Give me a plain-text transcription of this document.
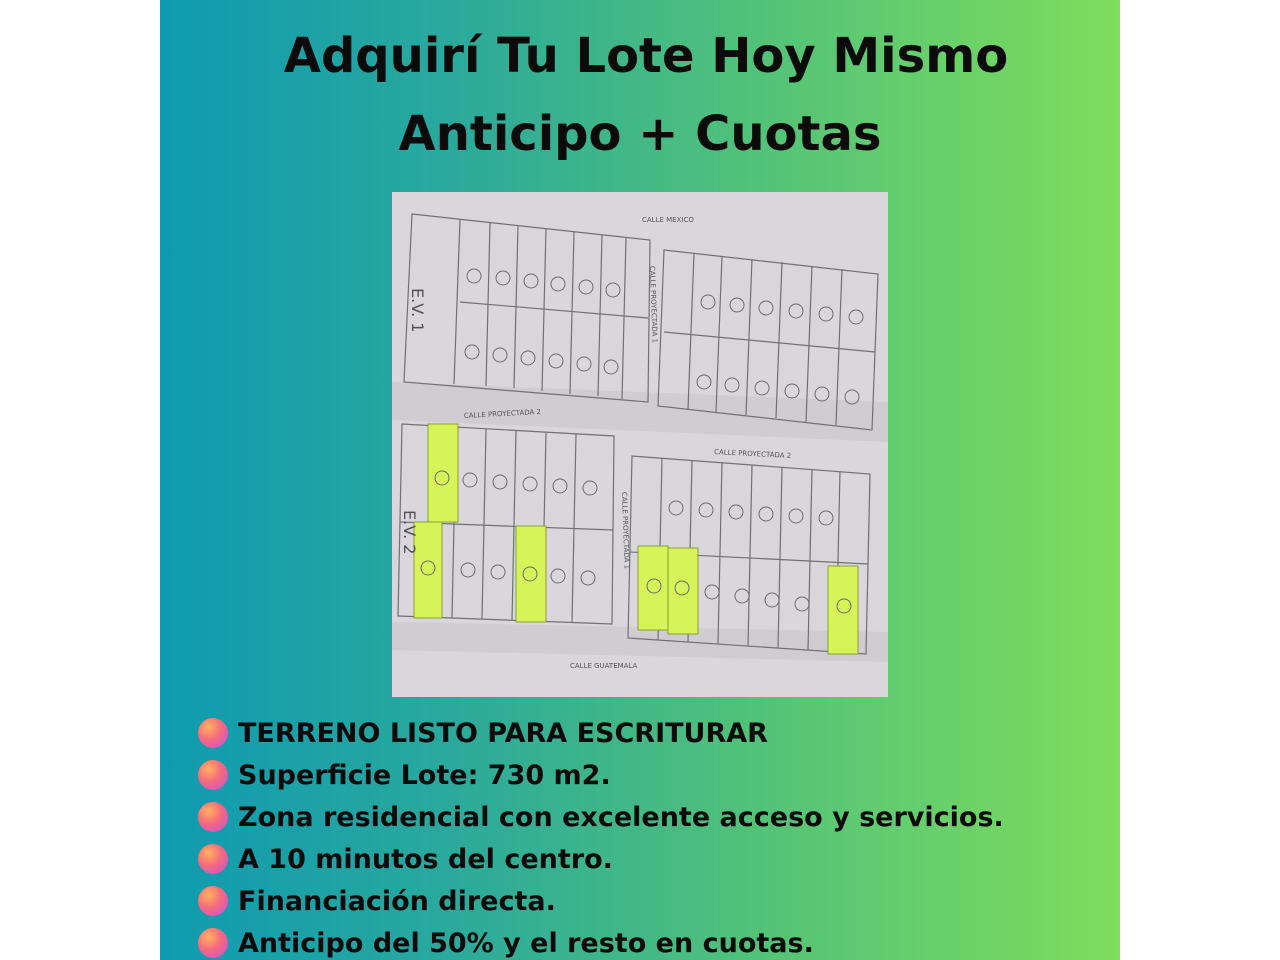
Adquirí Tu Lote Hoy Mismo
Anticipo + Cuotas
CALLE MEXICO
CALLE PROYECTADA 2
CALLE PROYECTADA 2
CALLE PROYECTADA 1
CALLE PROYECTADA 1
CALLE GUATEMALA
E.V. 1
E.V. 2
TERRENO LISTO PARA ESCRITURAR
Superficie Lote: 730 m2.
Zona residencial con excelente acceso y servicios.
A 10 minutos del centro.
Financiación directa.
Anticipo del 50% y el resto en cuotas.
